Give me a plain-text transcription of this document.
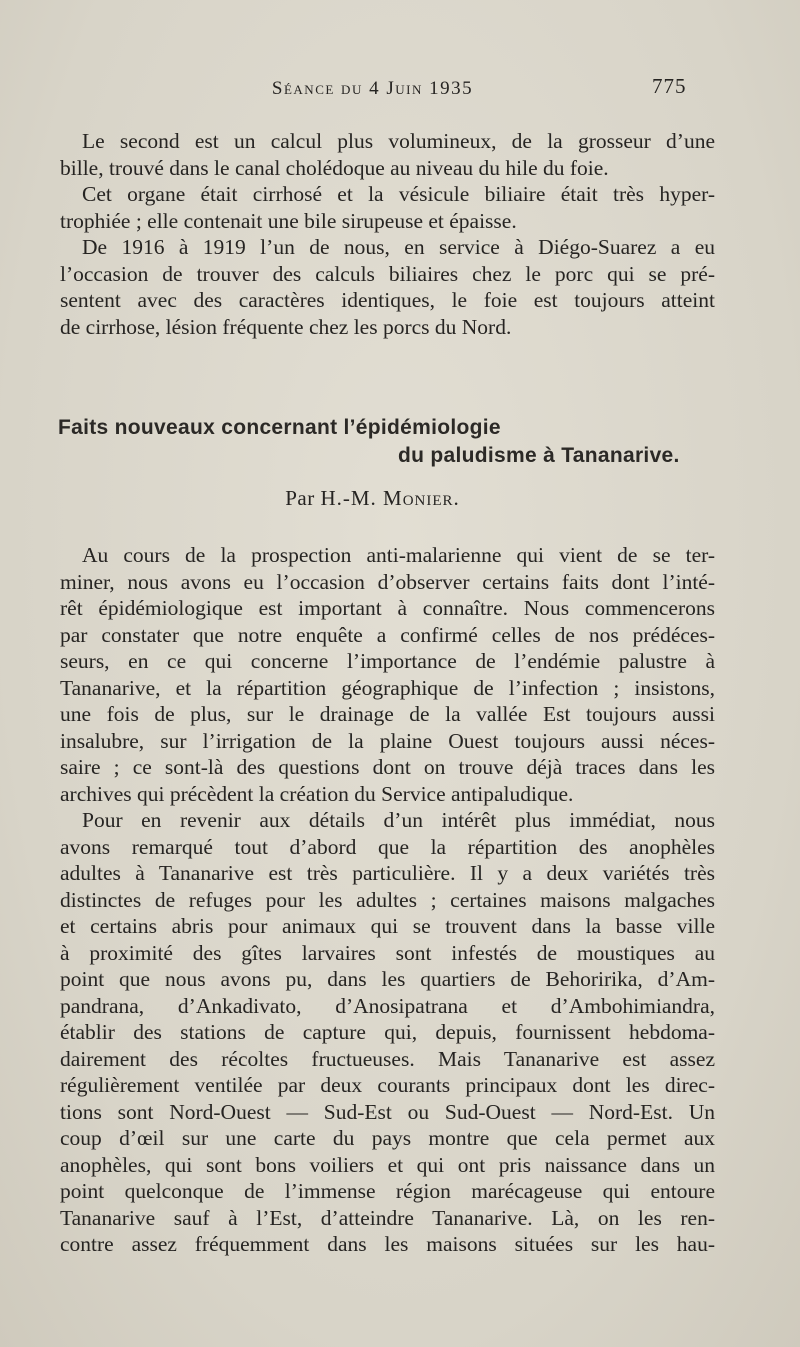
Séance du 4 Juin 1935	775

Le second est un calcul plus volumineux, de la grosseur d’une
bille, trouvé dans le canal cholédoque au niveau du hile du foie.

Cet organe était cirrhosé et la vésicule biliaire était très hyper-
trophiée ; elle contenait une bile sirupeuse et épaisse.

De 1916 à 1919 l’un de nous, en service à Diégo-Suarez a eu
l’occasion de trouver des calculs biliaires chez le porc qui se pré-
sentent avec des caractères identiques, le foie est toujours atteint
de cirrhose, lésion fréquente chez les porcs du Nord.

Faits nouveaux concernant l’épidémiologie
du paludisme à Tananarive.
Par H.-M. Monier.

Au cours de la prospection anti-malarienne qui vient de se ter-
miner, nous avons eu l’occasion d’observer certains faits dont l’inté-
rêt épidémiologique est important à connaître. Nous commencerons
par constater que notre enquête a confirmé celles de nos prédéces-
seurs, en ce qui concerne l’importance de l’endémie palustre à
Tananarive, et la répartition géographique de l’infection ; insistons,
une fois de plus, sur le drainage de la vallée Est toujours aussi
insalubre, sur l’irrigation de la plaine Ouest toujours aussi néces-
saire ; ce sont-là des questions dont on trouve déjà traces dans les
archives qui précèdent la création du Service antipaludique.

Pour en revenir aux détails d’un intérêt plus immédiat, nous
avons remarqué tout d’abord que la répartition des anophèles
adultes à Tananarive est très particulière. Il y a deux variétés très
distinctes de refuges pour les adultes ; certaines maisons malgaches
et certains abris pour animaux qui se trouvent dans la basse ville
à proximité des gîtes larvaires sont infestés de moustiques au
point que nous avons pu, dans les quartiers de Behoririka, d’Am-
pandrana, d’Ankadivato, d’Anosipatrana et d’Ambohimiandra,
établir des stations de capture qui, depuis, fournissent hebdoma-
dairement des récoltes fructueuses. Mais Tananarive est assez
régulièrement ventilée par deux courants principaux dont les direc-
tions sont Nord-Ouest — Sud-Est ou Sud-Ouest — Nord-Est. Un
coup d’œil sur une carte du pays montre que cela permet aux
anophèles, qui sont bons voiliers et qui ont pris naissance dans un
point quelconque de l’immense région marécageuse qui entoure
Tananarive sauf à l’Est, d’atteindre Tananarive. Là, on les ren-
contre assez fréquemment dans les maisons situées sur les hau-
